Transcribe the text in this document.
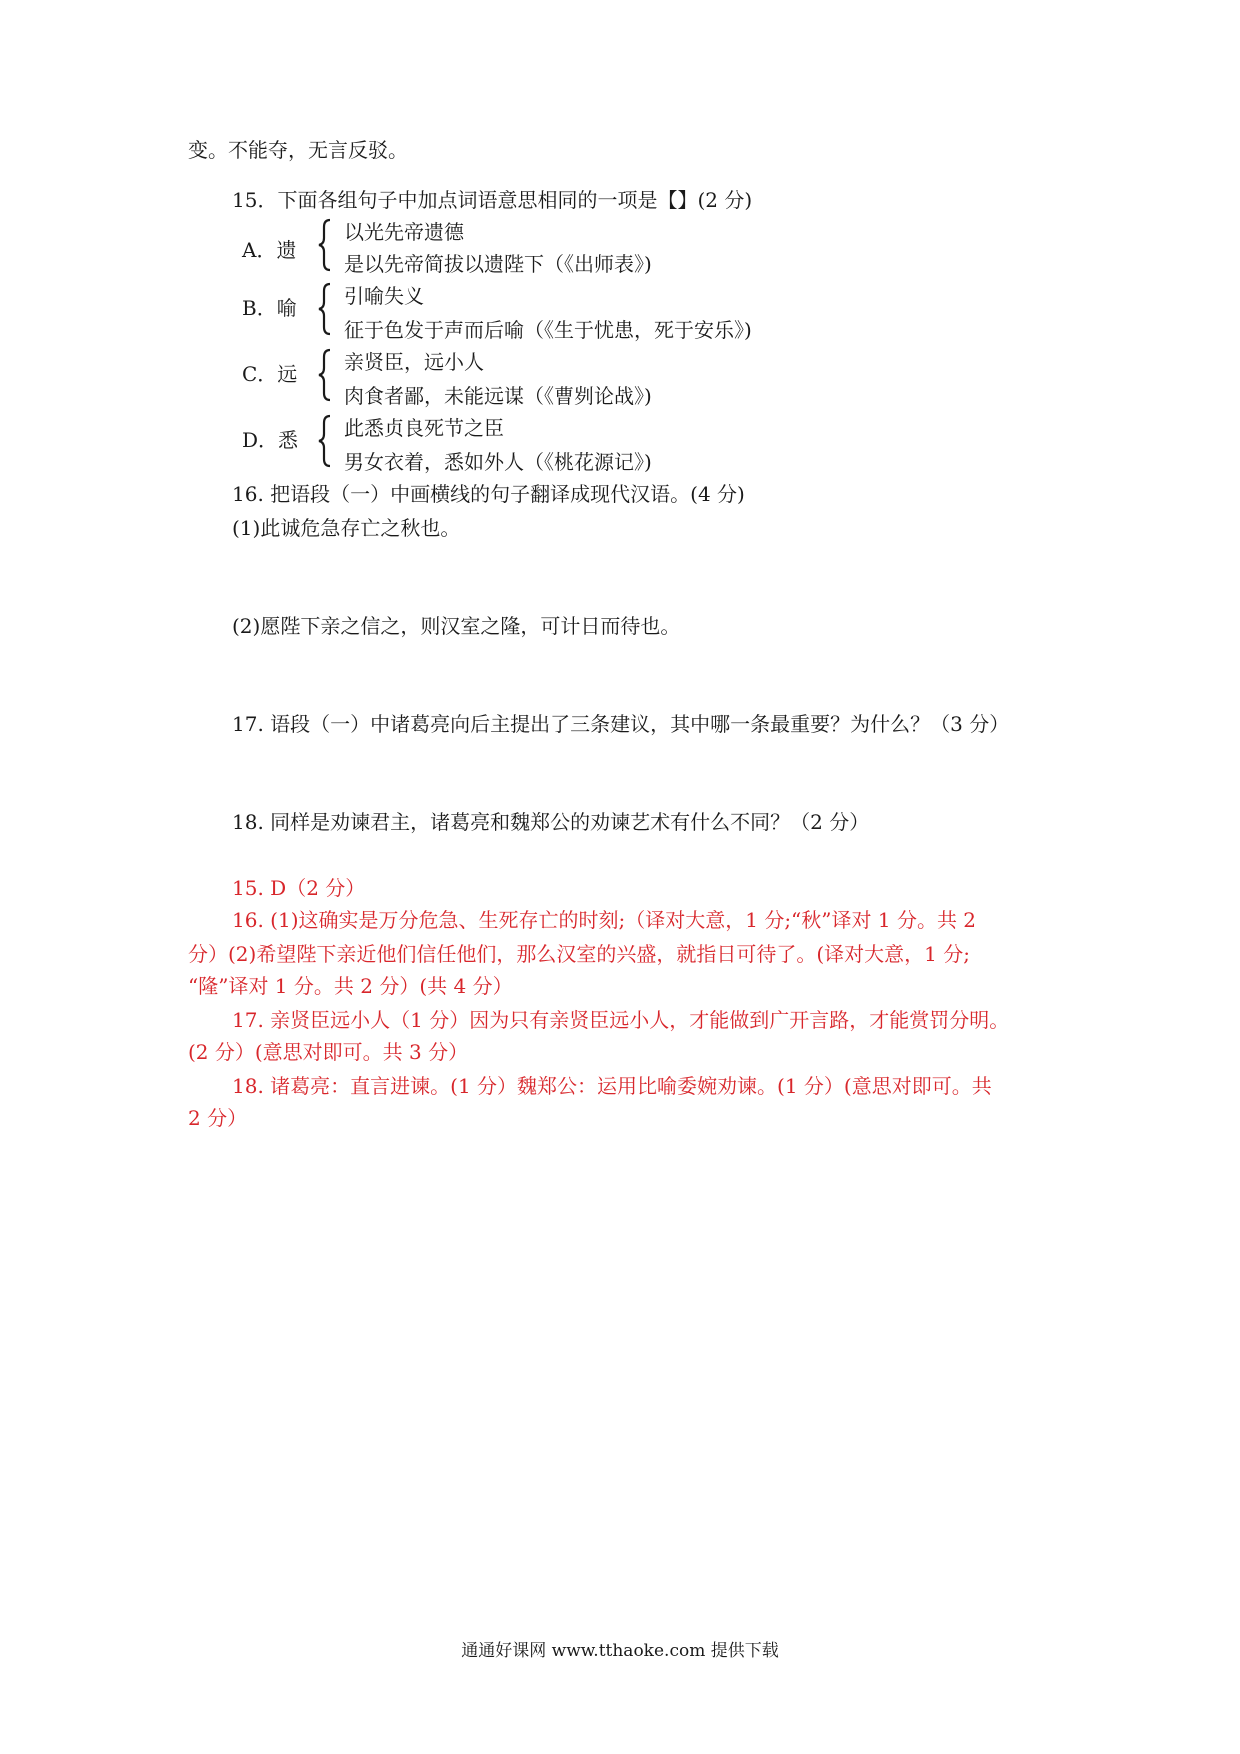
变。不能夺，无言反驳。
15．下面各组句子中加点词语意思相同的一项是【】(2 分)
A．遗
以光先帝遗德
是以先帝简拔以遗陛下（《出师表》)
B．喻 引喻失义
征于色发于声而后喻（《生于忧患，死于安乐》)
C．远 亲贤臣，远小人
肉食者鄙，未能远谋（《曹刿论战》)
D．悉 此悉贞良死节之臣
男女衣着，悉如外人（《桃花源记》)
16. 把语段（一）中画横线的句子翻译成现代汉语。(4 分)
(1)此诚危急存亡之秋也。
(2)愿陛下亲之信之，则汉室之隆，可计日而待也。
17. 语段（一）中诸葛亮向后主提出了三条建议，其中哪一条最重要？为什么？（3 分）
18. 同样是劝谏君主，诸葛亮和魏郑公的劝谏艺术有什么不同？（2 分）
15. D（2 分）
16. (1)这确实是万分危急、生死存亡的时刻;（译对大意，1 分;“秋”译对 1 分。共 2
分）(2)希望陛下亲近他们信任他们，那么汉室的兴盛，就指日可待了。(译对大意，1 分;
“隆”译对 1 分。共 2 分）(共 4 分）
17. 亲贤臣远小人（1 分）因为只有亲贤臣远小人，才能做到广开言路，才能赏罚分明。
(2 分）(意思对即可。共 3 分）
18. 诸葛亮：直言进谏。(1 分）魏郑公：运用比喻委婉劝谏。(1 分）(意思对即可。共
2 分）
通通好课网 www.tthaoke.com 提供下载
